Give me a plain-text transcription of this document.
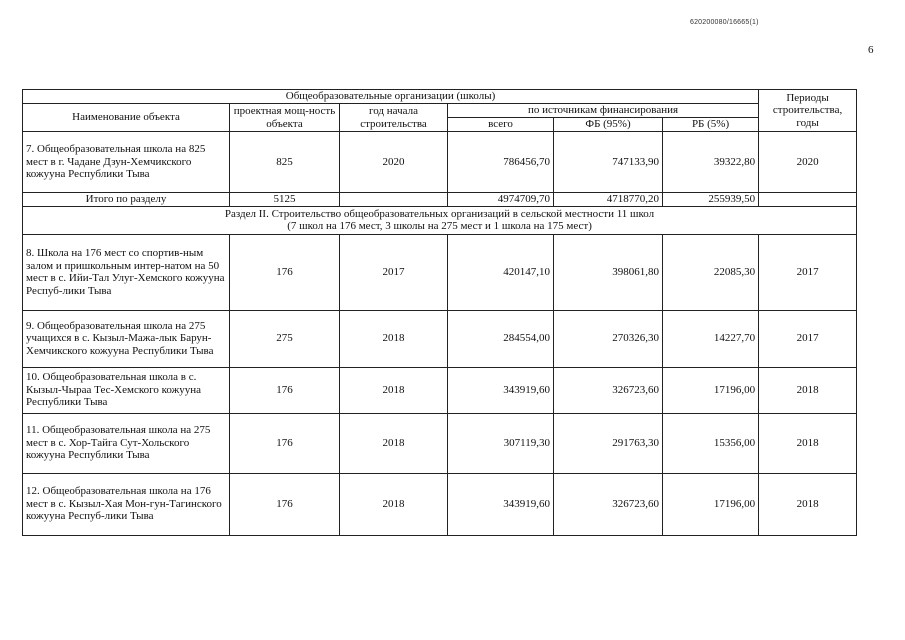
620200080/16665(1)
6
Общеобразовательные организации (школы)						Периоды строительства, годы
Наименование объекта	проектная мощ-ность объекта	год начала строительства	по источникам финансирования			
			всего	ФБ (95%)	РБ (5%)	
7. Общеобразовательная школа на 825 мест в г. Чадане Дзун-Хемчикского кожууна Республики Тыва	825	2020	786456,70	747133,90	39322,80	2020
Итого по разделу	5125		4974709,70	4718770,20	255939,50	

Раздел II. Строительство общеобразовательных организаций в сельской местности 11 школ
(7 школ на 176 мест, 3 школы на 275 мест и 1 школа на 175 мест)						

8. Школа на 176 мест со спортив-ным залом и пришкольным интер-натом на 50 мест в с. Ийи-Тал Улуг-Хемского кожууна Респуб-лики Тыва	176	2017	420147,10	398061,80	22085,30	2017
9. Общеобразовательная школа на 275 учащихся в с. Кызыл-Мажа-лык Барун-Хемчикского кожууна Республики Тыва	275	2018	284554,00	270326,30	14227,70	2017
10. Общеобразовательная школа в с. Кызыл-Чыраа Тес-Хемского кожууна Республики Тыва	176	2018	343919,60	326723,60	17196,00	2018
11. Общеобразовательная школа на 275 мест в с. Хор-Тайга Сут-Хольского кожууна Республики Тыва	176	2018	307119,30	291763,30	15356,00	2018
12. Общеобразовательная школа на 176 мест в с. Кызыл-Хая Мон-гун-Тагинского кожууна Респуб-лики Тыва	176	2018	343919,60	326723,60	17196,00	2018
